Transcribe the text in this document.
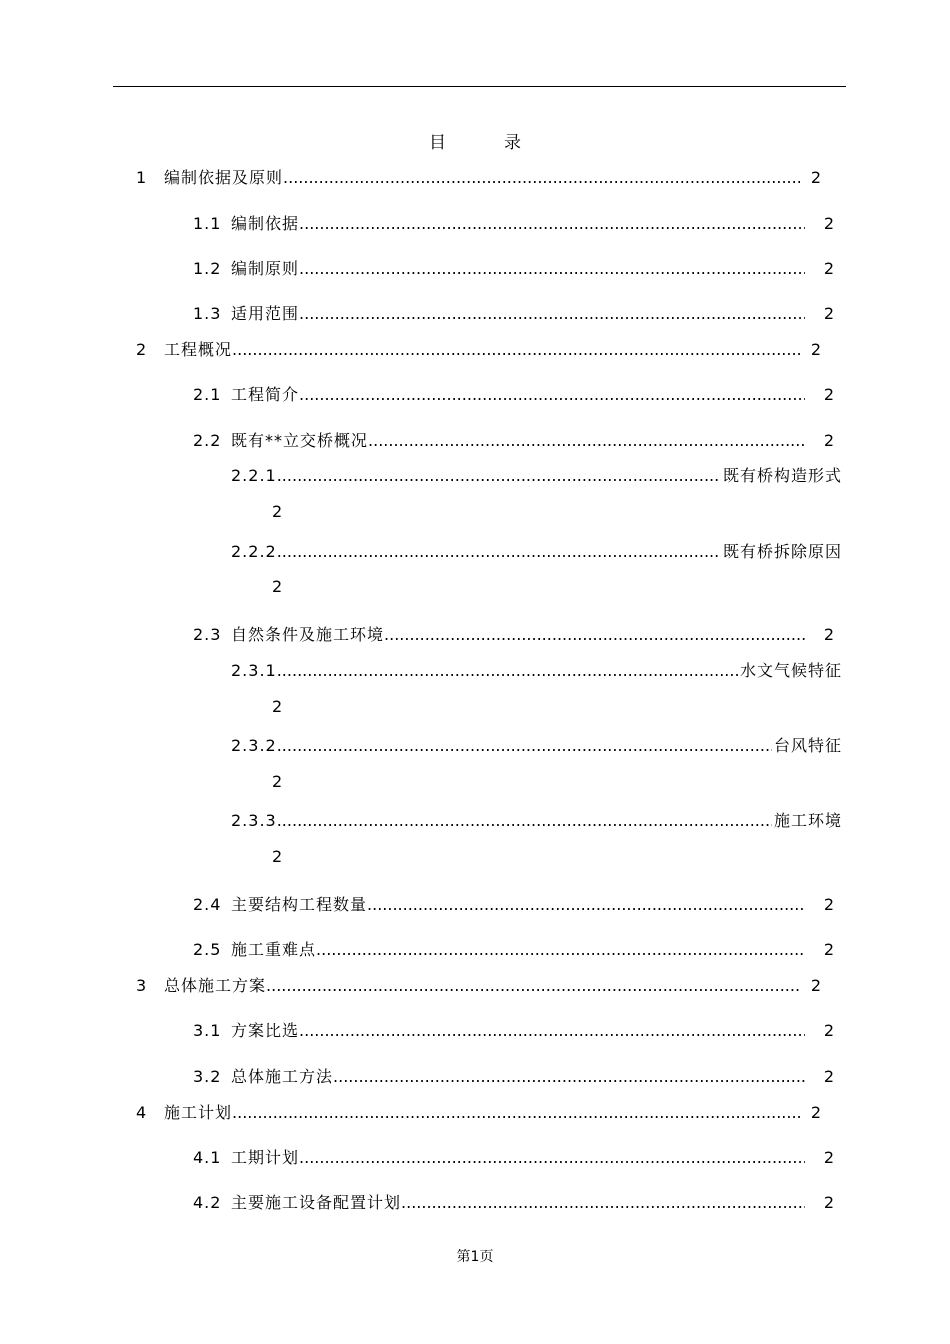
目	录
1	编制依据及原则 .....	2
1.1 编制依据 .....	2
1.2 编制原则 .....	2
1.3 适用范围 .....	2
2	工程概况 .....	2
2.1 工程简介 .....	2
2.2 既有**立交桥概况 .....	2
2.2.1 .....	既有桥构造形式
2
2.2.2 .....	既有桥拆除原因
2
2.3 自然条件及施工环境 .....	2
2.3.1 .....	水文气候特征
2
2.3.2 .....	台风特征
2
2.3.3 .....	施工环境
2
2.4 主要结构工程数量 .....	2
2.5 施工重难点 .....	2
3	总体施工方案 .....	2
3.1 方案比选 .....	2
3.2 总体施工方法 .....	2
4	施工计划 .....	2
4.1 工期计划 .....	2
4.2 主要施工设备配置计划 .....	2
第1页
